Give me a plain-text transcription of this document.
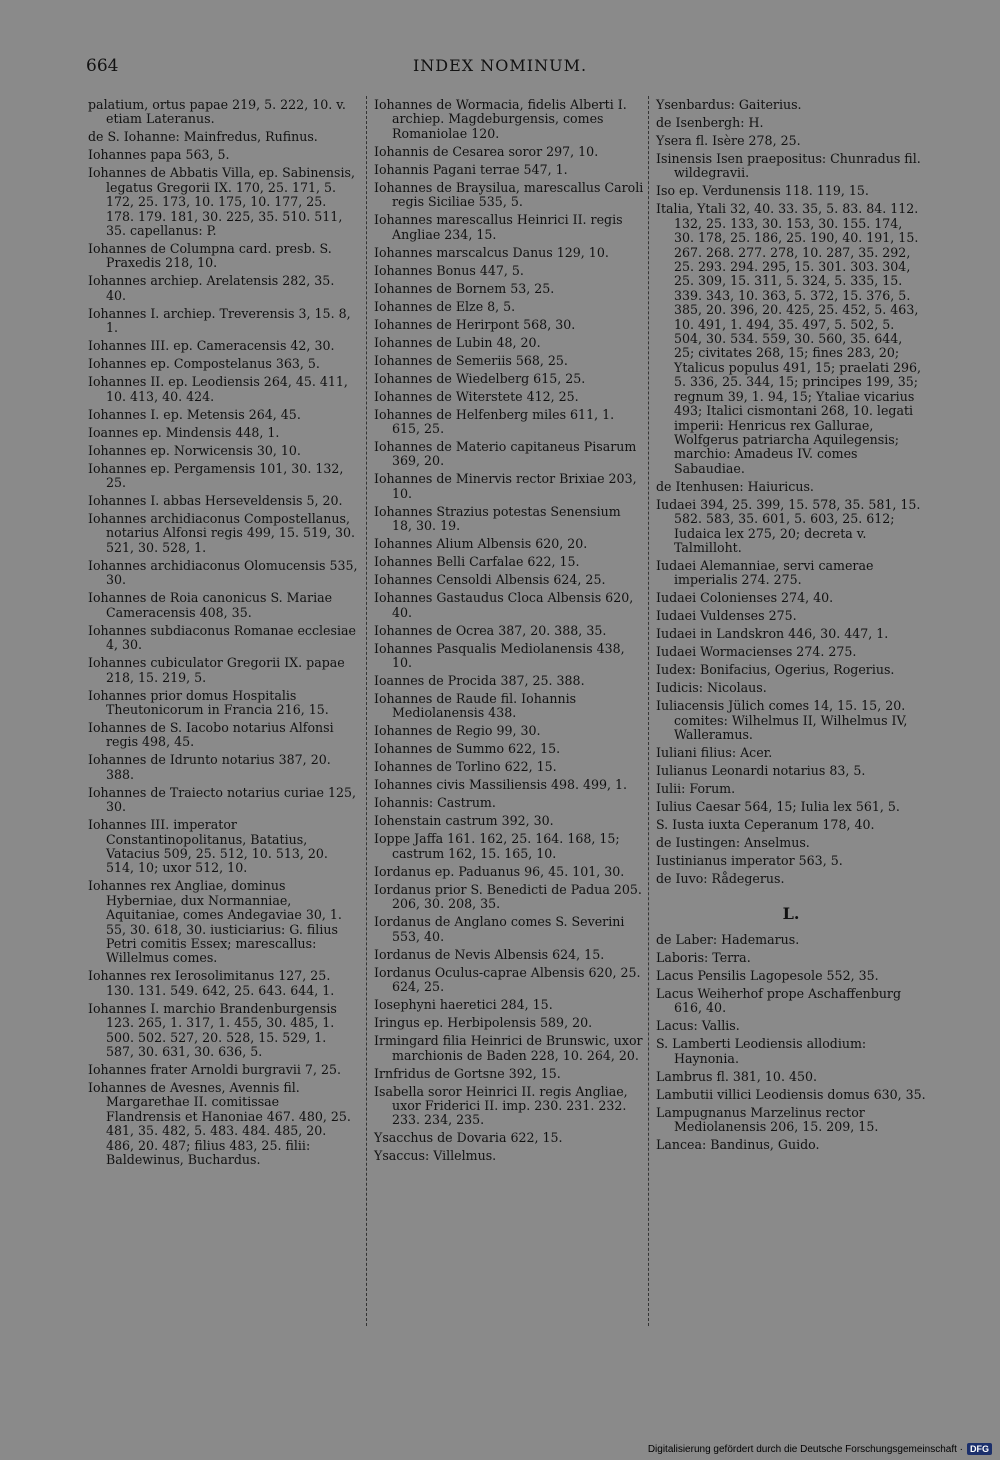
664	INDEX NOMINUM.
palatium, ortus papae 219, 5. 222, 10. v. etiam Lateranus.
de S. Iohanne: Mainfredus, Rufinus.
Iohannes papa 563, 5.
Iohannes de Abbatis Villa, ep. Sabinensis, legatus Gregorii IX. 170, 25. 171, 5. 172, 25. 173, 10. 175, 10. 177, 25. 178. 179. 181, 30. 225, 35. 510. 511, 35. capellanus: P.
Iohannes de Columpna card. presb. S. Praxedis 218, 10.
Iohannes archiep. Arelatensis 282, 35. 40.
Iohannes I. archiep. Treverensis 3, 15. 8, 1.
Iohannes III. ep. Cameracensis 42, 30.
Iohannes ep. Compostelanus 363, 5.
Iohannes II. ep. Leodiensis 264, 45. 411, 10. 413, 40. 424.
Iohannes I. ep. Metensis 264, 45.
Ioannes ep. Mindensis 448, 1.
Iohannes ep. Norwicensis 30, 10.
Iohannes ep. Pergamensis 101, 30. 132, 25.
Iohannes I. abbas Herseveldensis 5, 20.
Iohannes archidiaconus Compostellanus, notarius Alfonsi regis 499, 15. 519, 30. 521, 30. 528, 1.
Iohannes archidiaconus Olomucensis 535, 30.
Iohannes de Roia canonicus S. Mariae Cameracensis 408, 35.
Iohannes subdiaconus Romanae ecclesiae 4, 30.
Iohannes cubiculator Gregorii IX. papae 218, 15. 219, 5.
Iohannes prior domus Hospitalis Theutonicorum in Francia 216, 15.
Iohannes de S. Iacobo notarius Alfonsi regis 498, 45.
Iohannes de Idrunto notarius 387, 20. 388.
Iohannes de Traiecto notarius curiae 125, 30.
Iohannes III. imperator Constantinopolitanus, Batatius, Vatacius 509, 25. 512, 10. 513, 20. 514, 10; uxor 512, 10.
Iohannes rex Angliae, dominus Hyberniae, dux Normanniae, Aquitaniae, comes Andegaviae 30, 1. 55, 30. 618, 30. iusticiarius: G. filius Petri comitis Essex; marescallus: Willelmus comes.
Iohannes rex Ierosolimitanus 127, 25. 130. 131. 549. 642, 25. 643. 644, 1.
Iohannes I. marchio Brandenburgensis 123. 265, 1. 317, 1. 455, 30. 485, 1. 500. 502. 527, 20. 528, 15. 529, 1. 587, 30. 631, 30. 636, 5.
Iohannes frater Arnoldi burgravii 7, 25.
Iohannes de Avesnes, Avennis fil. Margarethae II. comitissae Flandrensis et Hanoniae 467. 480, 25. 481, 35. 482, 5. 483. 484. 485, 20. 486, 20. 487; filius 483, 25. filii: Baldewinus, Buchardus.
Iohannes de Wormacia, fidelis Alberti I. archiep. Magdeburgensis, comes Romaniolae 120.
Iohannis de Cesarea soror 297, 10.
Iohannis Pagani terrae 547, 1.
Iohannes de Braysilua, marescallus Caroli regis Siciliae 535, 5.
Iohannes marescallus Heinrici II. regis Angliae 234, 15.
Iohannes marscalcus Danus 129, 10.
Iohannes Bonus 447, 5.
Iohannes de Bornem 53, 25.
Iohannes de Elze 8, 5.
Iohannes de Herirpont 568, 30.
Iohannes de Lubin 48, 20.
Iohannes de Semeriis 568, 25.
Iohannes de Wiedelberg 615, 25.
Iohannes de Witerstete 412, 25.
Iohannes de Helfenberg miles 611, 1. 615, 25.
Iohannes de Materio capitaneus Pisarum 369, 20.
Iohannes de Minervis rector Brixiae 203, 10.
Iohannes Strazius potestas Senensium 18, 30. 19.
Iohannes Alium Albensis 620, 20.
Iohannes Belli Carfalae 622, 15.
Iohannes Censoldi Albensis 624, 25.
Iohannes Gastaudus Cloca Albensis 620, 40.
Iohannes de Ocrea 387, 20. 388, 35.
Iohannes Pasqualis Mediolanensis 438, 10.
Ioannes de Procida 387, 25. 388.
Iohannes de Raude fil. Iohannis Mediolanensis 438.
Iohannes de Regio 99, 30.
Iohannes de Summo 622, 15.
Iohannes de Torlino 622, 15.
Iohannes civis Massiliensis 498. 499, 1.
Iohannis: Castrum.
Iohenstain castrum 392, 30.
Ioppe Jaffa 161. 162, 25. 164. 168, 15; castrum 162, 15. 165, 10.
Iordanus ep. Paduanus 96, 45. 101, 30.
Iordanus prior S. Benedicti de Padua 205. 206, 30. 208, 35.
Iordanus de Anglano comes S. Severini 553, 40.
Iordanus de Nevis Albensis 624, 15.
Iordanus Oculus-caprae Albensis 620, 25. 624, 25.
Iosephyni haeretici 284, 15.
Iringus ep. Herbipolensis 589, 20.
Irmingard filia Heinrici de Brunswic, uxor marchionis de Baden 228, 10. 264, 20.
Irnfridus de Gortsne 392, 15.
Isabella soror Heinrici II. regis Angliae, uxor Friderici II. imp. 230. 231. 232. 233. 234, 235.
Ysacchus de Dovaria 622, 15.
Ysaccus: Villelmus.
Ysenbardus: Gaiterius.
de Isenbergh: H.
Ysera fl. Isère 278, 25.
Isinensis Isen praepositus: Chunradus fil. wildegravii.
Iso ep. Verdunensis 118. 119, 15.
Italia, Ytali 32, 40. 33. 35, 5. 83. 84. 112. 132, 25. 133, 30. 153, 30. 155. 174, 30. 178, 25. 186, 25. 190, 40. 191, 15. 267. 268. 277. 278, 10. 287, 35. 292, 25. 293. 294. 295, 15. 301. 303. 304, 25. 309, 15. 311, 5. 324, 5. 335, 15. 339. 343, 10. 363, 5. 372, 15. 376, 5. 385, 20. 396, 20. 425, 25. 452, 5. 463, 10. 491, 1. 494, 35. 497, 5. 502, 5. 504, 30. 534. 559, 30. 560, 35. 644, 25; civitates 268, 15; fines 283, 20; Ytalicus populus 491, 15; praelati 296, 5. 336, 25. 344, 15; principes 199, 35; regnum 39, 1. 94, 15; Ytaliae vicarius 493; Italici cismontani 268, 10. legati imperii: Henricus rex Gallurae, Wolfgerus patriarcha Aquilegensis; marchio: Amadeus IV. comes Sabaudiae.
de Itenhusen: Haiuricus.
Iudaei 394, 25. 399, 15. 578, 35. 581, 15. 582. 583, 35. 601, 5. 603, 25. 612; Iudaica lex 275, 20; decreta v. Talmilloht.
Iudaei Alemanniae, servi camerae imperialis 274. 275.
Iudaei Colonienses 274, 40.
Iudaei Vuldenses 275.
Iudaei in Landskron 446, 30. 447, 1.
Iudaei Wormacienses 274. 275.
Iudex: Bonifacius, Ogerius, Rogerius.
Iudicis: Nicolaus.
Iuliacensis Jülich comes 14, 15. 15, 20. comites: Wilhelmus II, Wilhelmus IV, Walleramus.
Iuliani filius: Acer.
Iulianus Leonardi notarius 83, 5.
Iulii: Forum.
Iulius Caesar 564, 15; Iulia lex 561, 5.
S. Iusta iuxta Ceperanum 178, 40.
de Iustingen: Anselmus.
Iustinianus imperator 563, 5.
de Iuvo: Rådegerus.
L.
de Laber: Hademarus.
Laboris: Terra.
Lacus Pensilis Lagopesole 552, 35.
Lacus Weiherhof prope Aschaffenburg 616, 40.
Lacus: Vallis.
S. Lamberti Leodiensis allodium: Haynonia.
Lambrus fl. 381, 10. 450.
Lambutii villici Leodiensis domus 630, 35.
Lampugnanus Marzelinus rector Mediolanensis 206, 15. 209, 15.
Lancea: Bandinus, Guido.
Digitalisierung gefördert durch die Deutsche Forschungsgemeinschaft · DFG
